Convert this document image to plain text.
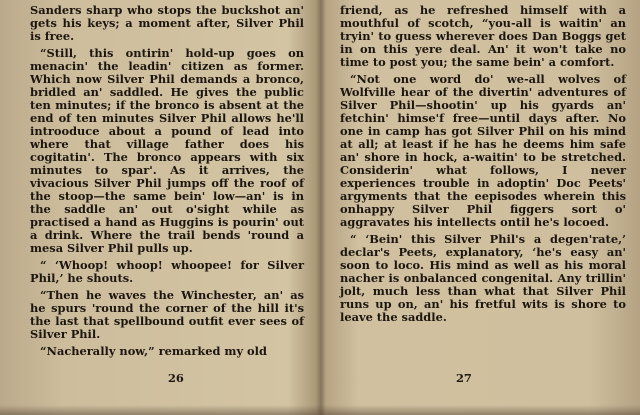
Sanders sharp who stops the buckshot an' gets his keys; a moment after, Silver Phil is free.

“Still, this ontirin' hold-up goes on menacin' the leadin' citizen as former. Which now Silver Phil demands a bronco, bridled an' saddled. He gives the public ten minutes; if the bronco is absent at the end of ten minutes Silver Phil allows he'll introoduce about a pound of lead into where that village father does his cogitatin'. The bronco appears with six minutes to spar'. As it arrives, the vivacious Silver Phil jumps off the roof of the stoop—the same bein' low—an' is in the saddle an' out o'sight while as practised a hand as Huggins is pourin' out a drink. Where the trail bends 'round a mesa Silver Phil pulls up.

“ ‘Whoop! whoop! whoopee! for Silver Phil,’ he shouts.

“Then he waves the Winchester, an' as he spurs 'round the corner of the hill it's the last that spellbound outfit ever sees of Silver Phil.

“Nacherally now,” remarked my old

26

friend, as he refreshed himself with a mouthful of scotch, “you-all is waitin' an tryin' to guess wherever does Dan Boggs get in on this yere deal. An' it won't take no time to post you; the same bein' a comfort.

“Not one word do' we-all wolves of Wolfville hear of the divertin' adventures of Silver Phil—shootin' up his gyards an' fetchin' himse'f free—until days after. No one in camp has got Silver Phil on his mind at all; at least if he has he deems him safe an' shore in hock, a-waitin' to be stretched. Considerin' what follows, I never experiences trouble in adoptin' Doc Peets' argyments that the eepisodes wherein this onhappy Silver Phil figgers sort o' aggravates his intellects ontil he's locoed.

“ ‘Bein' this Silver Phil's a degen'rate,’ declar's Peets, explanatory, ‘he's easy an' soon to loco. His mind as well as his moral nacher is onbalanced congenital. Any trillin' jolt, much less than what that Silver Phil runs up on, an' his fretful wits is shore to leave the saddle.

27
